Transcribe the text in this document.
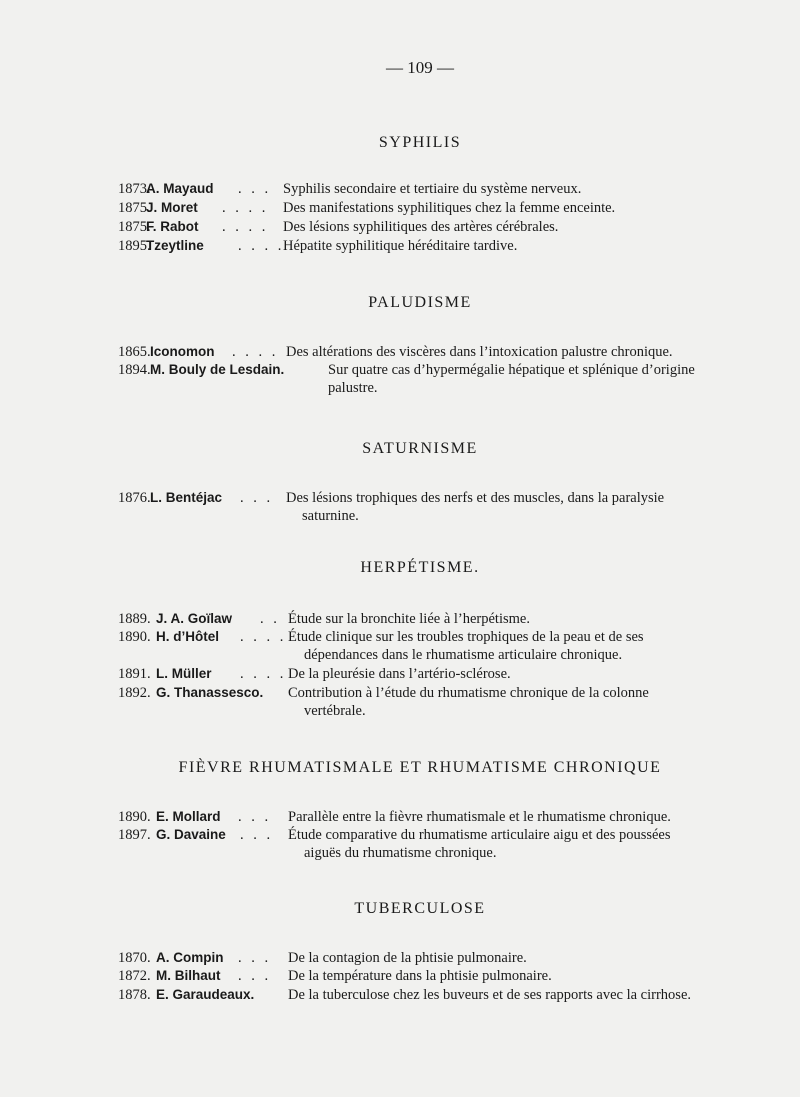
— 109 —
SYPHILIS
1873.
A. Mayaud . . . Syphilis secondaire et tertiaire du système nerveux.
1875.
J. Moret . . . . Des manifestations syphilitiques chez la femme enceinte.
1875.
F. Rabot . . . . Des lésions syphilitiques des artères cérébrales.
1895.
Tzeytline . . . .
Hépatite syphilitique héréditaire tardive.
PALUDISME
1865. Iconomon . . . . Des altérations des viscères dans l’intoxication palustre chronique.
1894. M. Bouly de Lesdain.	Sur quatre cas d’hypermégalie hépatique et splénique d’origine
palustre.
SATURNISME
1876. L. Bentéjac . . . Des lésions trophiques des nerfs et des muscles, dans la paralysie
saturnine.
HERPÉTISME.
1889. J. A. Goïlaw . . Étude sur la bronchite liée à l’herpétisme.
1890. H. d’Hôtel . . . . Étude clinique sur les troubles trophiques de la peau et de ses
dépendances dans le rhumatisme articulaire chronique.
1891. L. Müller . . . . De la pleurésie dans l’artério-sclérose.
1892. G. Thanassesco. Contribution à l’étude du rhumatisme chronique de la colonne
vertébrale.
FIÈVRE RHUMATISMALE ET RHUMATISME CHRONIQUE
1890. E. Mollard . . . Parallèle entre la fièvre rhumatismale et le rhumatisme chronique.
1897. G. Davaine . . . Étude comparative du rhumatisme articulaire aigu et des poussées
aiguës du rhumatisme chronique.
TUBERCULOSE
1870. A. Compin . . . De la contagion de la phtisie pulmonaire.
1872. M. Bilhaut . . . De la température dans la phtisie pulmonaire.
1878. E. Garaudeaux. De la tuberculose chez les buveurs et de ses rapports avec la cirrhose.
